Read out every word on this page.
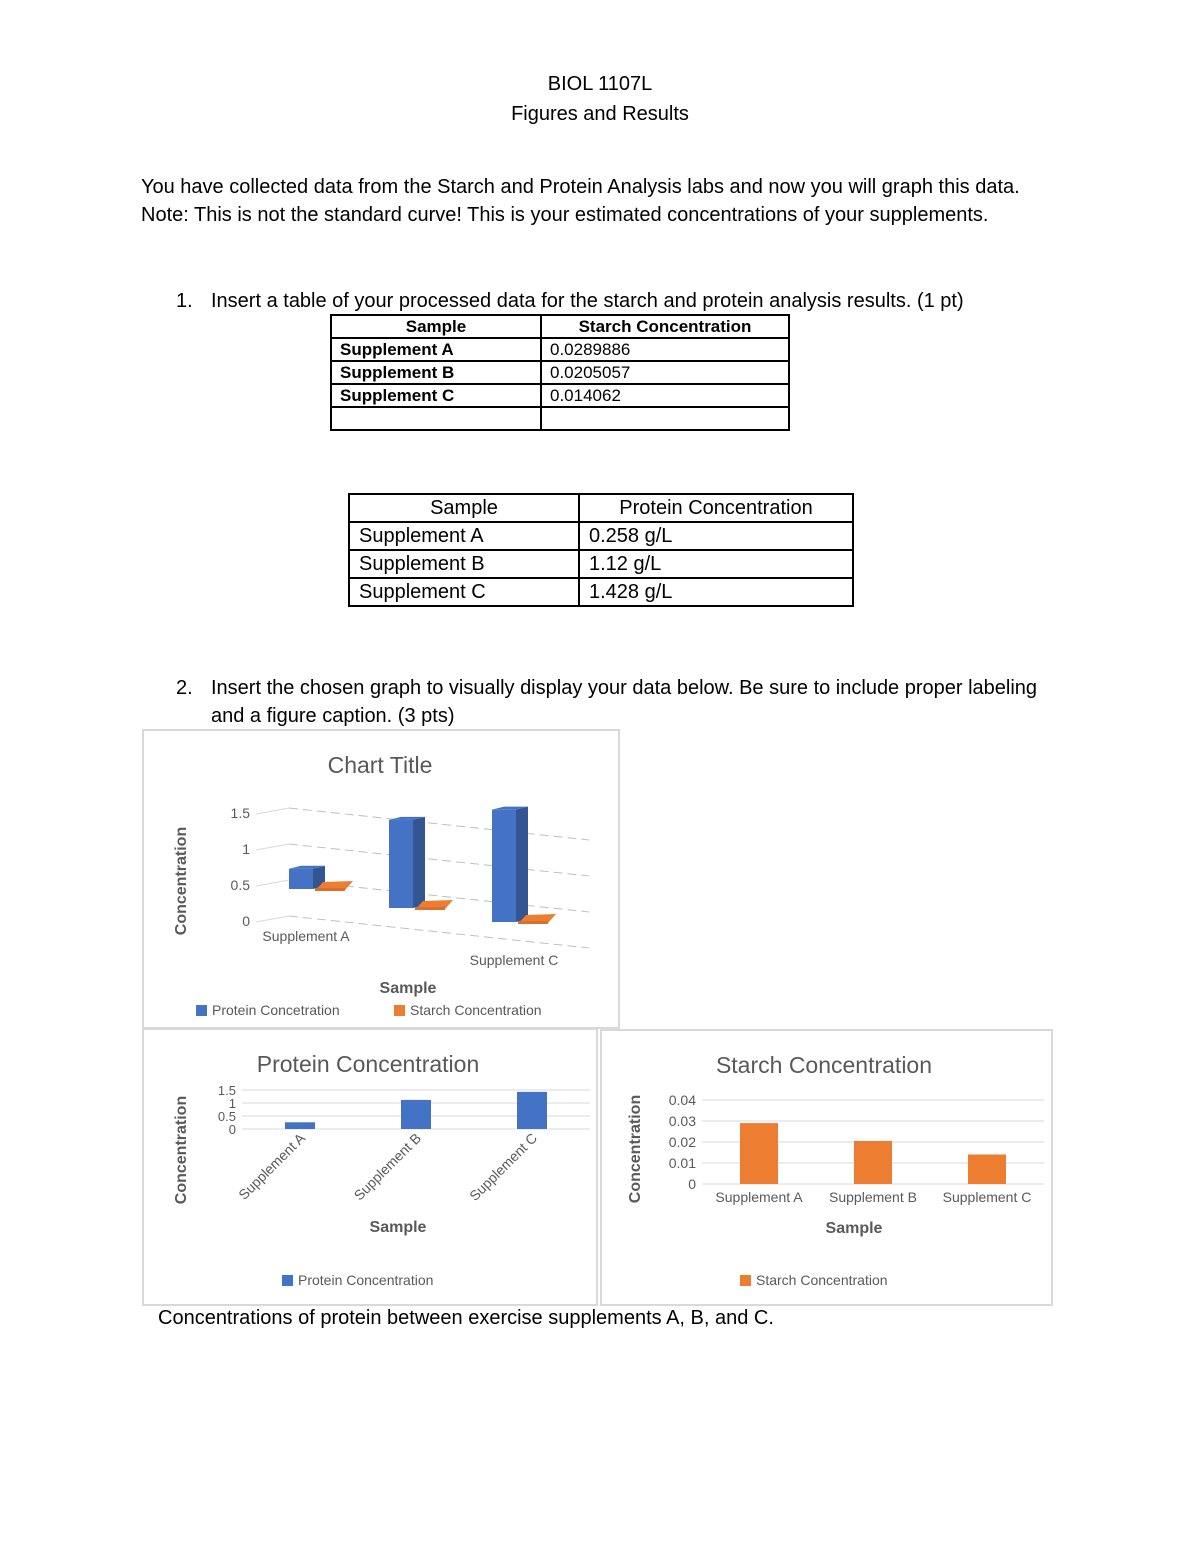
BIOL 1107L
Figures and Results
You have collected data from the Starch and Protein Analysis labs and now you will graph this data. Note: This is not the standard curve! This is your estimated concentrations of your supplements.
1. Insert a table of your processed data for the starch and protein analysis results. (1 pt)
Sample	Starch Concentration
Supplement A	0.0289886
Supplement B	0.0205057
Supplement C	0.014062

Sample	Protein Concentration
Supplement A	0.258 g/L
Supplement B	1.12 g/L
Supplement C	1.428 g/L
2. Insert the chosen graph to visually display your data below. Be sure to include proper labeling and a figure caption. (3 pts)
Chart Title
0
0.5
1
1.5
Supplement A
Supplement C
Sample
Concentration
Protein Concetration	Starch Concentration
Protein Concentration
0
0.5
1
1.5
Supplement A	Supplement B	Supplement C
Sample
Concentration
Protein Concentration
Starch Concentration
0
0.01
0.02
0.03
0.04
Supplement A Supplement B Supplement C
Sample
Concentration
Starch Concentration
Concentrations of protein between exercise supplements A, B, and C.
